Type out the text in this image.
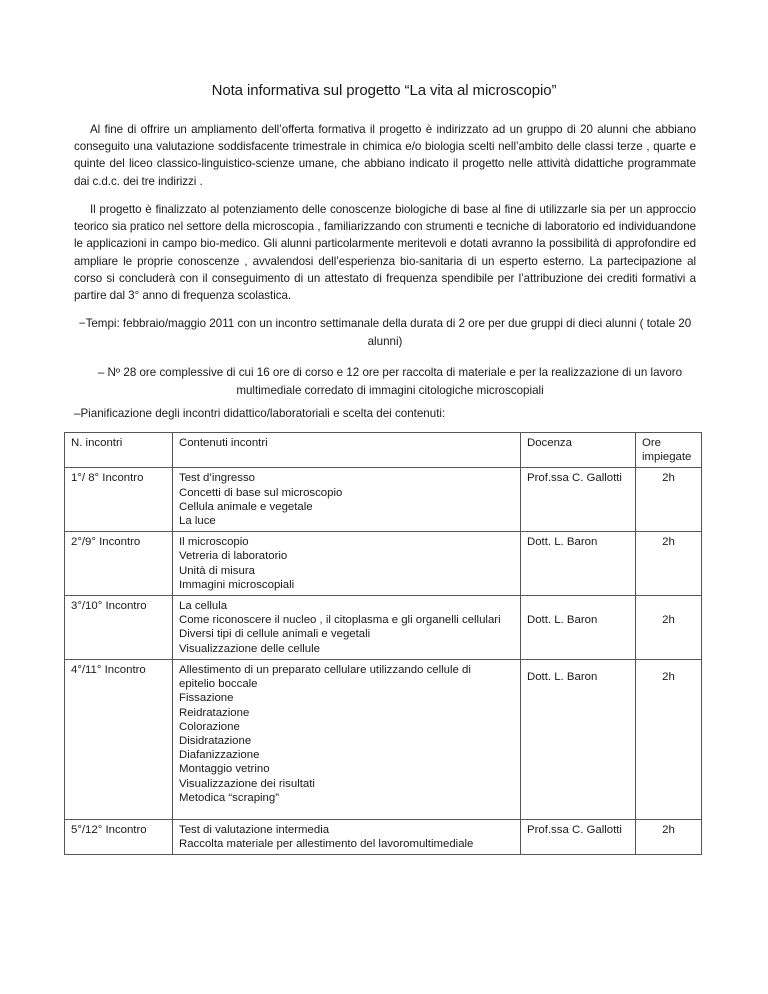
Nota informativa sul progetto “La vita al microscopio”
Al fine di offrire un ampliamento dell’offerta formativa il progetto è indirizzato ad un gruppo di 20 alunni che abbiano conseguito una valutazione soddisfacente trimestrale in chimica e/o biologia scelti nell’ambito delle classi terze , quarte e quinte del liceo classico-linguistico-scienze umane, che abbiano indicato il progetto nelle attività didattiche programmate dai c.d.c. dei tre indirizzi .
Il progetto è finalizzato al potenziamento delle conoscenze biologiche di base al fine di utilizzarle sia per un approccio teorico sia pratico nel settore della microscopia , familiarizzando con strumenti e tecniche di laboratorio ed individuandone le applicazioni in campo bio-medico. Gli alunni particolarmente meritevoli e dotati avranno la possibilità di approfondire ed ampliare le proprie conoscenze , avvalendosi dell’esperienza bio-sanitaria di un esperto esterno. La partecipazione al corso si concluderà con il conseguimento di un attestato di frequenza spendibile per l’attribuzione dei crediti formativi a partire dal 3° anno di frequenza scolastica.
−Tempi: febbraio/maggio 2011 con un incontro settimanale della durata di 2 ore per due gruppi di dieci alunni ( totale 20 alunni)
– Nº 28 ore complessive di cui 16 ore di corso e 12 ore per raccolta di materiale e per la realizzazione di un lavoro multimediale corredato di immagini citologiche microscopiali
–Pianificazione degli incontri didattico/laboratoriali e scelta dei contenuti:
N. incontri	Contenuti incontri	Docenza	Ore impiegate
1°/ 8° Incontro	Test d’ingresso
Concetti di base sul microscopio
Cellula animale e vegetale
La luce	Prof.ssa C. Gallotti	2h
2°/9° Incontro	Il microscopio
Vetreria di laboratorio
Unità di misura
Immagini microscopiali	Dott. L. Baron	2h
3°/10° Incontro	La cellula
Come riconoscere il nucleo , il citoplasma e gli organelli cellulari
Diversi tipi di cellule animali e vegetali
Visualizzazione delle cellule	Dott. L. Baron	2h
4°/11° Incontro	Allestimento di un preparato cellulare utilizzando cellule di
epitelio boccale
Fissazione
Reidratazione
Colorazione
Disidratazione
Diafanizzazione
Montaggio vetrino
Visualizzazione dei risultati
Metodica “scraping”
	Dott. L. Baron	2h
5°/12° Incontro	Test di valutazione intermedia
Raccolta materiale per allestimento del lavoromultimediale	Prof.ssa C. Gallotti	2h
